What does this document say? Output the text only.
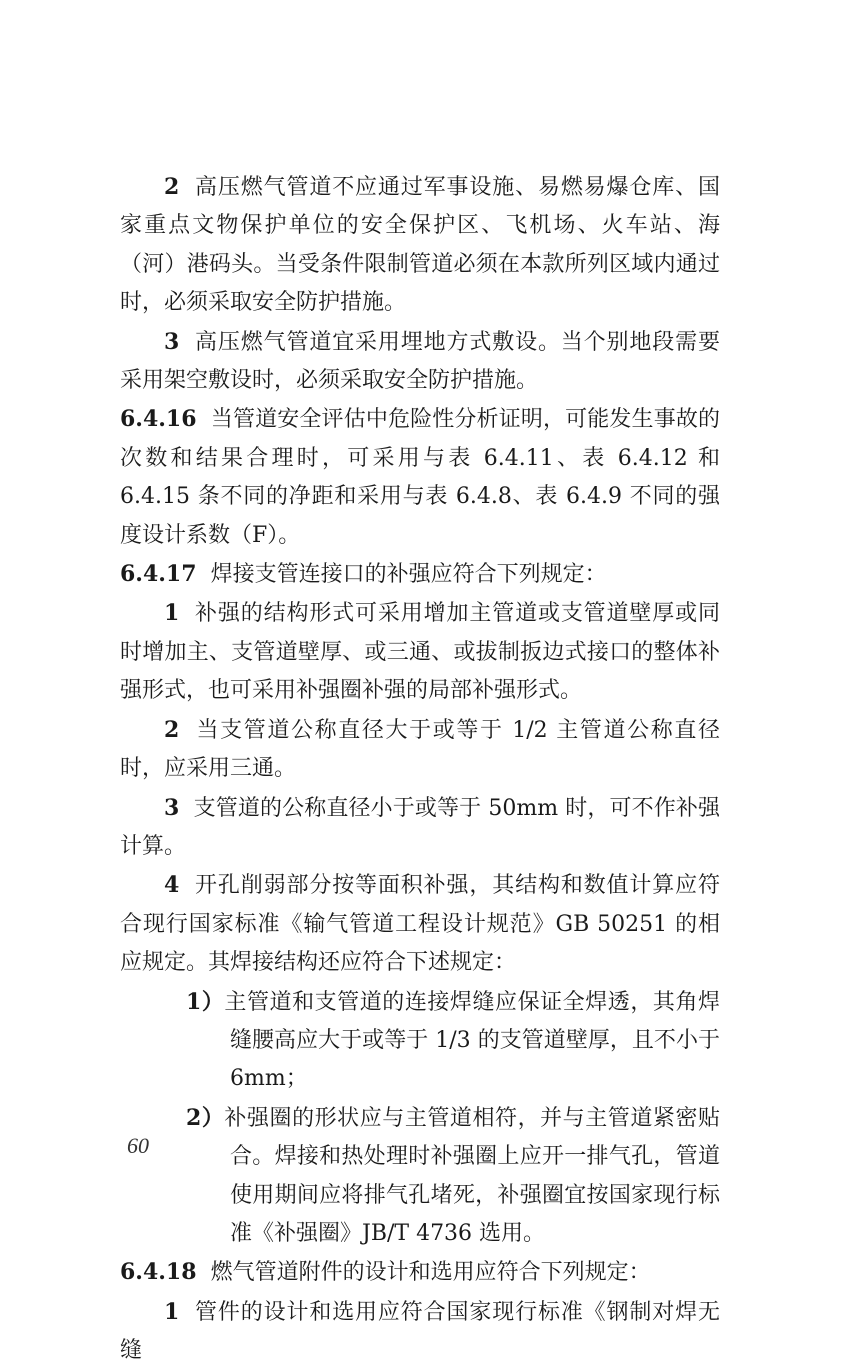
2 高压燃气管道不应通过军事设施、易燃易爆仓库、国家重点文物保护单位的安全保护区、飞机场、火车站、海（河）港码头。当受条件限制管道必须在本款所列区域内通过时，必须采取安全防护措施。

3 高压燃气管道宜采用埋地方式敷设。当个别地段需要采用架空敷设时，必须采取安全防护措施。

6.4.16 当管道安全评估中危险性分析证明，可能发生事故的次数和结果合理时，可采用与表 6.4.11、表 6.4.12 和 6.4.15 条不同的净距和采用与表 6.4.8、表 6.4.9 不同的强度设计系数（F）。

6.4.17 焊接支管连接口的补强应符合下列规定：

1 补强的结构形式可采用增加主管道或支管道壁厚或同时增加主、支管道壁厚、或三通、或拔制扳边式接口的整体补强形式，也可采用补强圈补强的局部补强形式。

2 当支管道公称直径大于或等于 1/2 主管道公称直径时，应采用三通。

3 支管道的公称直径小于或等于 50mm 时，可不作补强计算。

4 开孔削弱部分按等面积补强，其结构和数值计算应符合现行国家标准《输气管道工程设计规范》GB 50251 的相应规定。其焊接结构还应符合下述规定：

1）主管道和支管道的连接焊缝应保证全焊透，其角焊缝腰高应大于或等于 1/3 的支管道壁厚，且不小于 6mm；

2）补强圈的形状应与主管道相符，并与主管道紧密贴合。焊接和热处理时补强圈上应开一排气孔，管道使用期间应将排气孔堵死，补强圈宜按国家现行标准《补强圈》JB/T 4736 选用。

6.4.18 燃气管道附件的设计和选用应符合下列规定：

1 管件的设计和选用应符合国家现行标准《钢制对焊无缝

60
